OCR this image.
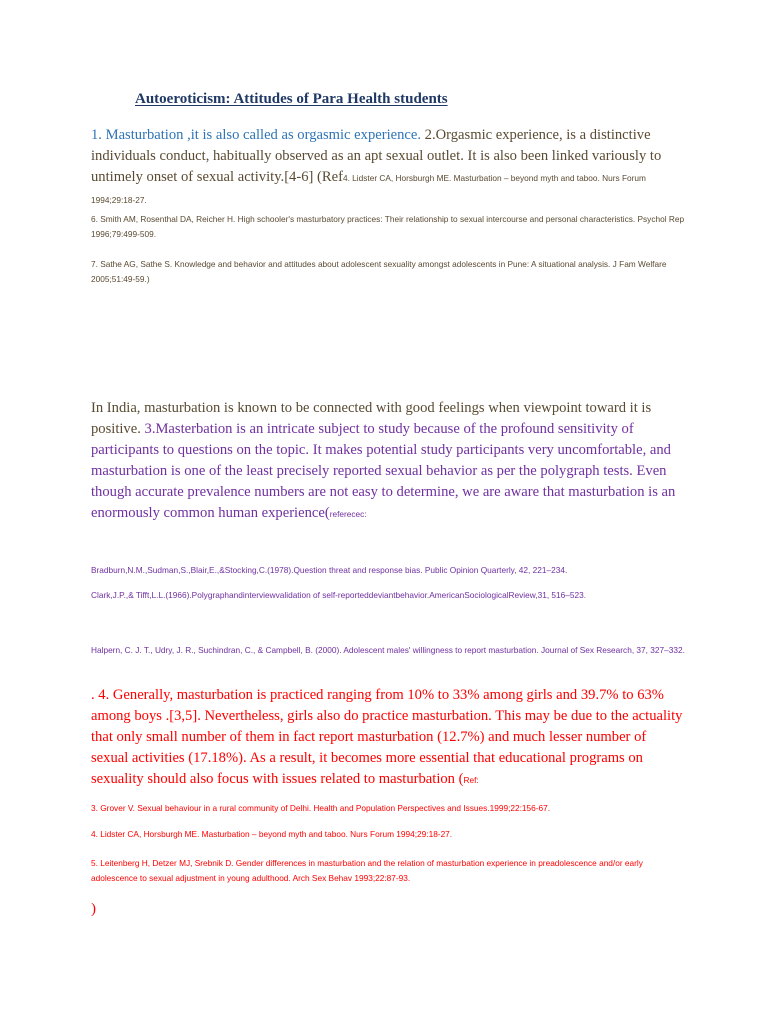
Autoeroticism: Attitudes of Para Health students

1. Masturbation ,it is also called as orgasmic experience. 2.Orgasmic experience, is a distinctive individuals conduct, habitually observed as an apt sexual outlet. It is also been linked variously to untimely onset of sexual activity.[4-6] (Ref4. Lidster CA, Horsburgh ME. Masturbation – beyond myth and taboo. Nurs Forum 1994;29:18-27.

6. Smith AM, Rosenthal DA, Reicher H. High schooler's masturbatory practices: Their relationship to sexual intercourse and personal characteristics. Psychol Rep 1996;79:499-509.

7. Sathe AG, Sathe S. Knowledge and behavior and attitudes about adolescent sexuality amongst adolescents in Pune: A situational analysis. J Fam Welfare 2005;51:49-59.)

In India, masturbation is known to be connected with good feelings when viewpoint toward it is positive. 3.Masterbation is an intricate subject to study because of the profound sensitivity of participants to questions on the topic. It makes potential study participants very uncomfortable, and masturbation is one of the least precisely reported sexual behavior as per the polygraph tests. Even though accurate prevalence numbers are not easy to determine, we are aware that masturbation is an enormously common human experience(referecec:

Bradburn,N.M.,Sudman,S.,Blair,E.,&Stocking,C.(1978).Question threat and response bias. Public Opinion Quarterly, 42, 221–234.

Clark,J.P.,& Tifft,L.L.(1966).Polygraphandinterviewvalidation of self-reporteddeviantbehavior.AmericanSociologicalReview,31, 516–523.

Halpern, C. J. T., Udry, J. R., Suchindran, C., & Campbell, B. (2000). Adolescent males' willingness to report masturbation. Journal of Sex Research, 37, 327–332.

. 4. Generally, masturbation is practiced ranging from 10% to 33% among girls and 39.7% to 63% among boys .[3,5]. Nevertheless, girls also do practice masturbation. This may be due to the actuality that only small number of them in fact report masturbation (12.7%) and much lesser number of sexual activities (17.18%). As a result, it becomes more essential that educational programs on sexuality should also focus with issues related to masturbation (Ref:

3. Grover V. Sexual behaviour in a rural community of Delhi. Health and Population Perspectives and Issues.1999;22:156-67.

4. Lidster CA, Horsburgh ME. Masturbation – beyond myth and taboo. Nurs Forum 1994;29:18-27.

5. Leitenberg H, Detzer MJ, Srebnik D. Gender differences in masturbation and the relation of masturbation experience in preadolescence and/or early adolescence to sexual adjustment in young adulthood. Arch Sex Behav 1993;22:87-93.

)
